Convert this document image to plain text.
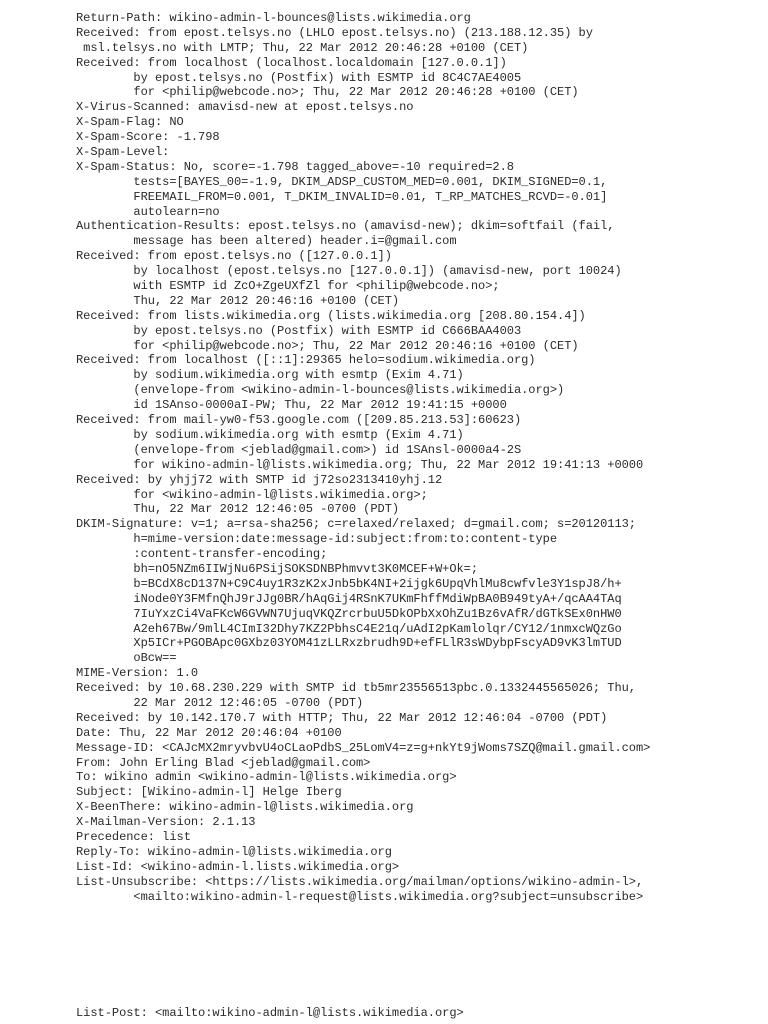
Return-Path: wikino-admin-l-bounces@lists.wikimedia.org
Received: from epost.telsys.no (LHLO epost.telsys.no) (213.188.12.35) by
msl.telsys.no with LMTP; Thu, 22 Mar 2012 20:46:28 +0100 (CET)
Received: from localhost (localhost.localdomain [127.0.0.1])
by epost.telsys.no (Postfix) with ESMTP id 8C4C7AE4005
for <philip@webcode.no>; Thu, 22 Mar 2012 20:46:28 +0100 (CET)
X-Virus-Scanned: amavisd-new at epost.telsys.no
X-Spam-Flag: NO
X-Spam-Score: -1.798
X-Spam-Level:
X-Spam-Status: No, score=-1.798 tagged_above=-10 required=2.8
tests=[BAYES_00=-1.9, DKIM_ADSP_CUSTOM_MED=0.001, DKIM_SIGNED=0.1,
FREEMAIL_FROM=0.001, T_DKIM_INVALID=0.01, T_RP_MATCHES_RCVD=-0.01]
autolearn=no
Authentication-Results: epost.telsys.no (amavisd-new); dkim=softfail (fail,
message has been altered) header.i=@gmail.com
Received: from epost.telsys.no ([127.0.0.1])
by localhost (epost.telsys.no [127.0.0.1]) (amavisd-new, port 10024)
with ESMTP id ZcO+ZgeUXfZl for <philip@webcode.no>;
Thu, 22 Mar 2012 20:46:16 +0100 (CET)
Received: from lists.wikimedia.org (lists.wikimedia.org [208.80.154.4])
by epost.telsys.no (Postfix) with ESMTP id C666BAA4003
for <philip@webcode.no>; Thu, 22 Mar 2012 20:46:16 +0100 (CET)
Received: from localhost ([::1]:29365 helo=sodium.wikimedia.org)
by sodium.wikimedia.org with esmtp (Exim 4.71)
(envelope-from <wikino-admin-l-bounces@lists.wikimedia.org>)
id 1SAnso-0000aI-PW; Thu, 22 Mar 2012 19:41:15 +0000
Received: from mail-yw0-f53.google.com ([209.85.213.53]:60623)
by sodium.wikimedia.org with esmtp (Exim 4.71)
(envelope-from <jeblad@gmail.com>) id 1SAnsl-0000a4-2S
for wikino-admin-l@lists.wikimedia.org; Thu, 22 Mar 2012 19:41:13 +0000
Received: by yhjj72 with SMTP id j72so2313410yhj.12
for <wikino-admin-l@lists.wikimedia.org>;
Thu, 22 Mar 2012 12:46:05 -0700 (PDT)
DKIM-Signature: v=1; a=rsa-sha256; c=relaxed/relaxed; d=gmail.com; s=20120113;
h=mime-version:date:message-id:subject:from:to:content-type
:content-transfer-encoding;
bh=nO5NZm6IIWjNu6PSijSOKSDNBPhmvvt3K0MCEF+W+Ok=;
b=BCdX8cD137N+C9C4uy1R3zK2xJnb5bK4NI+2ijgk6UpqVhlMu8cwfvle3Y1spJ8/h+
iNode0Y3FMfnQhJ9rJJg0BR/hAqGij4RSnK7UKmFhffMdiWpBA0B949tyA+/qcAA4TAq
7IuYxzCi4VaFKcW6GVWN7UjuqVKQZrcrbuU5DkOPbXxOhZu1Bz6vAfR/dGTkSEx0nHW0
A2eh67Bw/9mlL4CImI32Dhy7KZ2PbhsC4E21q/uAdI2pKamlolqr/CY12/1nmxcWQzGo
Xp5ICr+PGOBApc0GXbz03YOM41zLLRxzbrudh9D+efFLlR3sWDybpFscyAD9vK3lmTUD
oBcw==
MIME-Version: 1.0
Received: by 10.68.230.229 with SMTP id tb5mr23556513pbc.0.1332445565026; Thu,
22 Mar 2012 12:46:05 -0700 (PDT)
Received: by 10.142.170.7 with HTTP; Thu, 22 Mar 2012 12:46:04 -0700 (PDT)
Date: Thu, 22 Mar 2012 20:46:04 +0100
Message-ID: <CAJcMX2mryvbvU4oCLaoPdbS_25LomV4=z=g+nkYt9jWoms7SZQ@mail.gmail.com>
From: John Erling Blad <jeblad@gmail.com>
To: wikino admin <wikino-admin-l@lists.wikimedia.org>
Subject: [Wikino-admin-l] Helge Iberg
X-BeenThere: wikino-admin-l@lists.wikimedia.org
X-Mailman-Version: 2.1.13
Precedence: list
Reply-To: wikino-admin-l@lists.wikimedia.org
List-Id: <wikino-admin-l.lists.wikimedia.org>
List-Unsubscribe: <https://lists.wikimedia.org/mailman/options/wikino-admin-l>,
<mailto:wikino-admin-l-request@lists.wikimedia.org?subject=unsubscribe>
List-Post: <mailto:wikino-admin-l@lists.wikimedia.org>
